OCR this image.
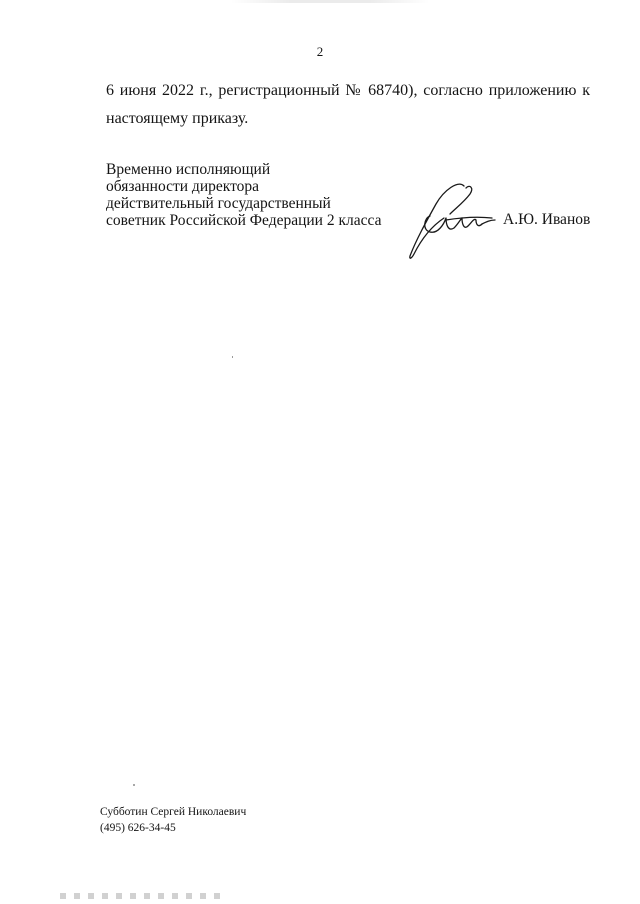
2
6 июня 2022 г., регистрационный № 68740), согласно приложению к
настоящему приказу.
Временно исполняющий
обязанности директора
действительный государственный
советник Российской Федерации 2 класса	А.Ю. Иванов
Субботин Сергей Николаевич
(495) 626-34-45
